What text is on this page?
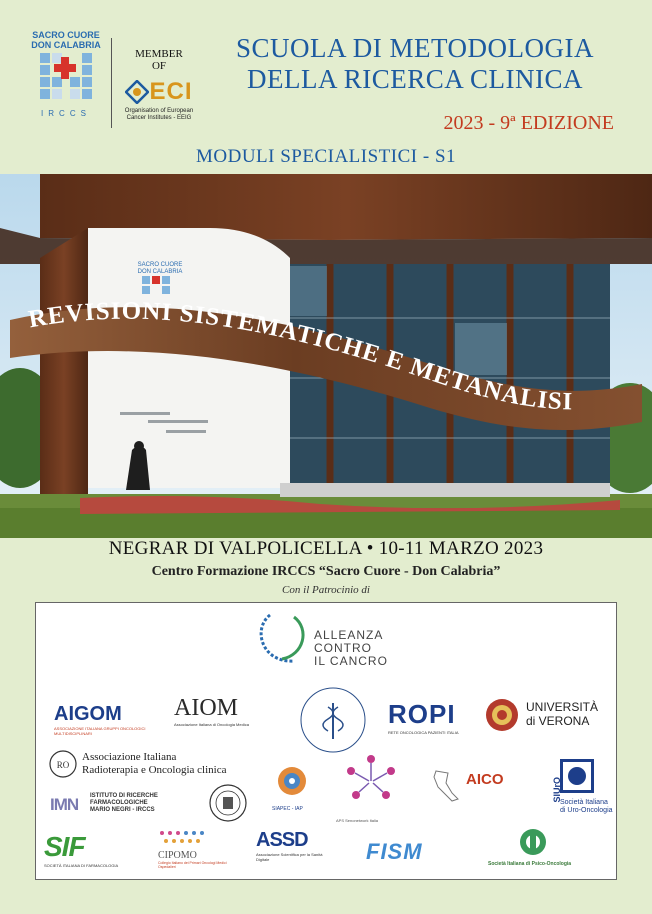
SACRO CUORE
DON CALABRIA
IRCCS
MEMBER
OF
ECI
Organisation of European Cancer Institutes - EEIG
SCUOLA DI METODOLOGIA
DELLA RICERCA CLINICA
2023 - 9ª EDIZIONE
SACRO CUORE
DON CALABRIA
MODULI SPECIALISTICI - S1
REVISIONI SISTEMATICHE E METANALISI
NEGRAR DI VALPOLICELLA • 10-11 MARZO 2023
Centro Formazione IRCCS “Sacro Cuore - Don Calabria”
Con il Patrocinio di
ALLEANZA
CONTRO
IL CANCRO
AIGOM
ASSOCIAZIONE ITALIANA GRUPPI ONCOLOGICI MULTIDISCIPLINARI
AIOM
Associazione Italiana di Oncologia Medica	ROPI
RETE ONCOLOGICA PAZIENTI ITALIA
UNIVERSITÀ
di VERONA
RO
Associazione Italiana
Radioterapia e Oncologia clinica
SIAPEC - IAP
APS Senonetwork Italia
AICO	SIUrO
Società Italiana
di Uro-Oncologia
IMN ISTITUTO DI RICERCHE
FARMACOLOGICHE
MARIO NEGRI - IRCCS
SIF
SOCIETÀ ITALIANA DI FARMACOLOGIA
CIPOMO
Collegio Italiano dei Primari Oncologi Medici Ospedalieri
ASSD
Associazione Scientifica per la Sanità Digitale	FISM	Società Italiana di Psico-Oncologia
